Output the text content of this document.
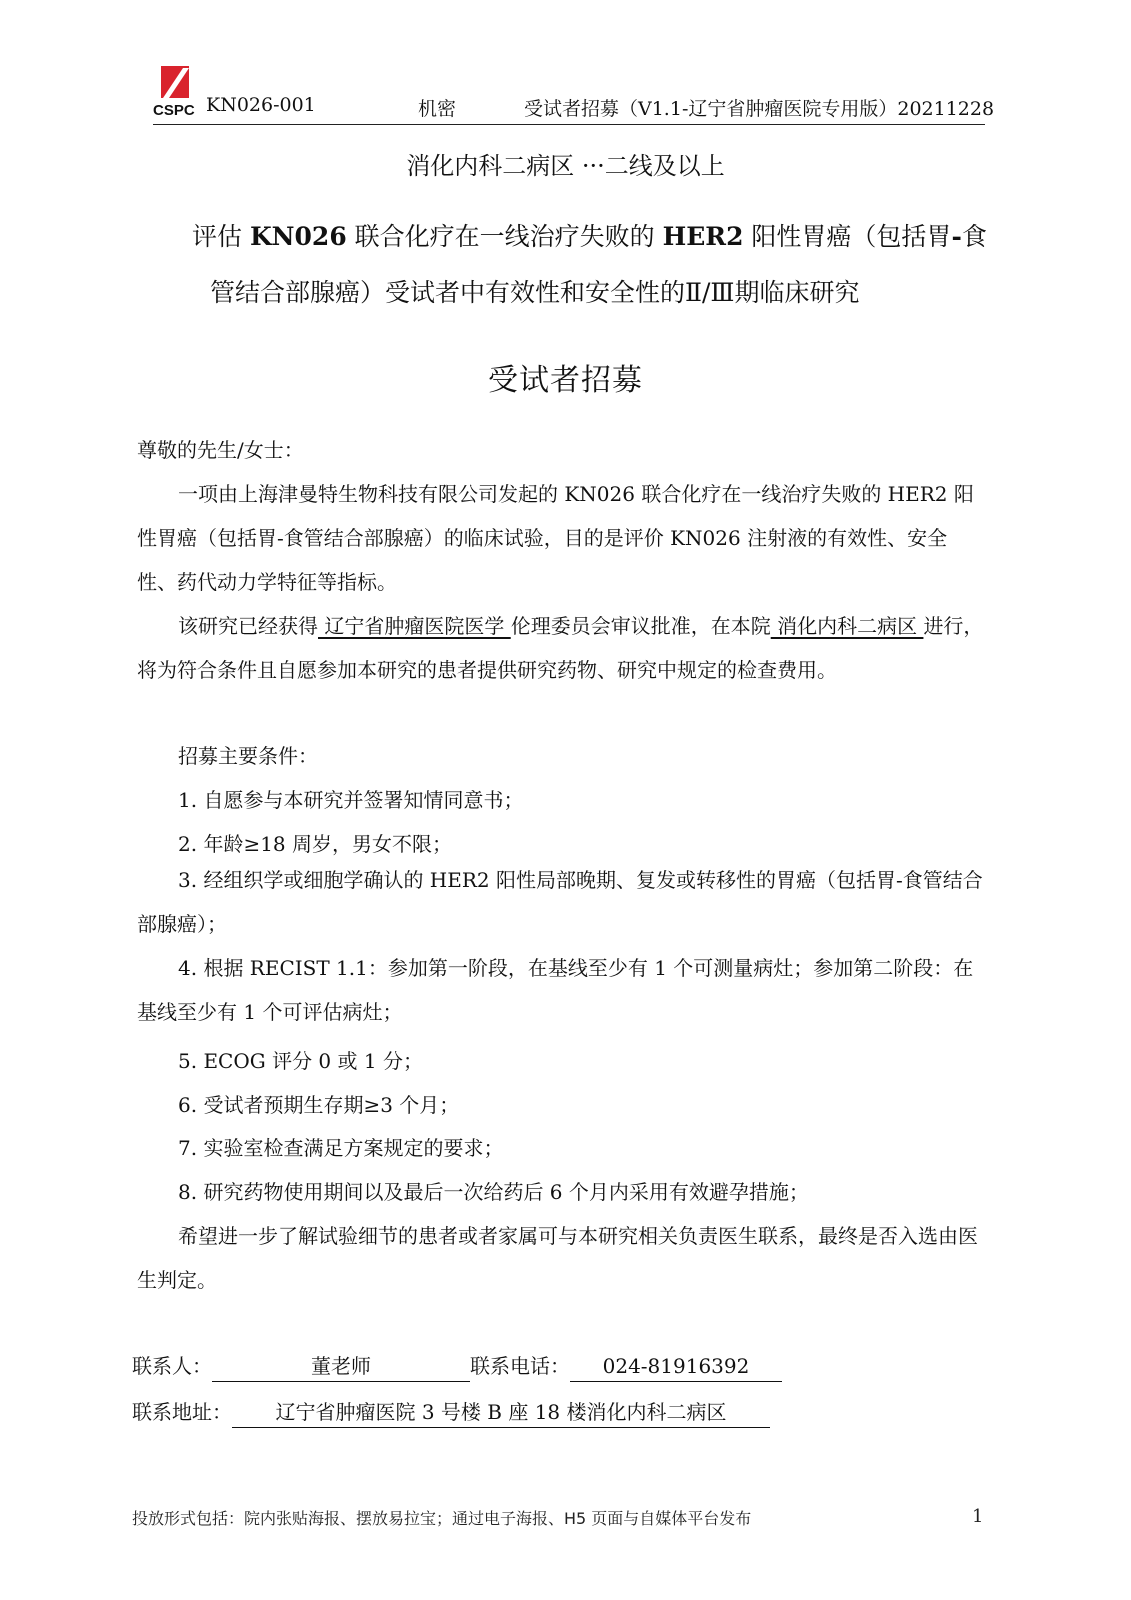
CSPC KN026-001	机密	受试者招募（V1.1-辽宁省肿瘤医院专用版）20211228
消化内科二病区 ···二线及以上
评估 KN026 联合化疗在一线治疗失败的 HER2 阳性胃癌（包括胃-食
管结合部腺癌）受试者中有效性和安全性的Ⅱ/Ⅲ期临床研究
受试者招募

尊敬的先生/女士：

一项由上海津曼特生物科技有限公司发起的 KN026 联合化疗在一线治疗失败的 HER2 阳性胃癌（包括胃-食管结合部腺癌）的临床试验，目的是评价 KN026 注射液的有效性、安全性、药代动力学特征等指标。

该研究已经获得 辽宁省肿瘤医院医学 伦理委员会审议批准，在本院 消化内科二病区 进行，将为符合条件且自愿参加本研究的患者提供研究药物、研究中规定的检查费用。

招募主要条件：

1. 自愿参与本研究并签署知情同意书；

2. 年龄≥18 周岁，男女不限；

3. 经组织学或细胞学确认的 HER2 阳性局部晚期、复发或转移性的胃癌（包括胃-食管结合部腺癌）；

4. 根据 RECIST 1.1：参加第一阶段，在基线至少有 1 个可测量病灶；参加第二阶段：在基线至少有 1 个可评估病灶；

5. ECOG 评分 0 或 1 分；

6. 受试者预期生存期≥3 个月；

7. 实验室检查满足方案规定的要求；

8. 研究药物使用期间以及最后一次给药后 6 个月内采用有效避孕措施；

希望进一步了解试验细节的患者或者家属可与本研究相关负责医生联系，最终是否入选由医生判定。

联系人：	董老师	联系电话： 024-81916392
联系地址： 辽宁省肿瘤医院 3 号楼 B 座 18 楼消化内科二病区
投放形式包括：院内张贴海报、摆放易拉宝；通过电子海报、H5 页面与自媒体平台发布	1
